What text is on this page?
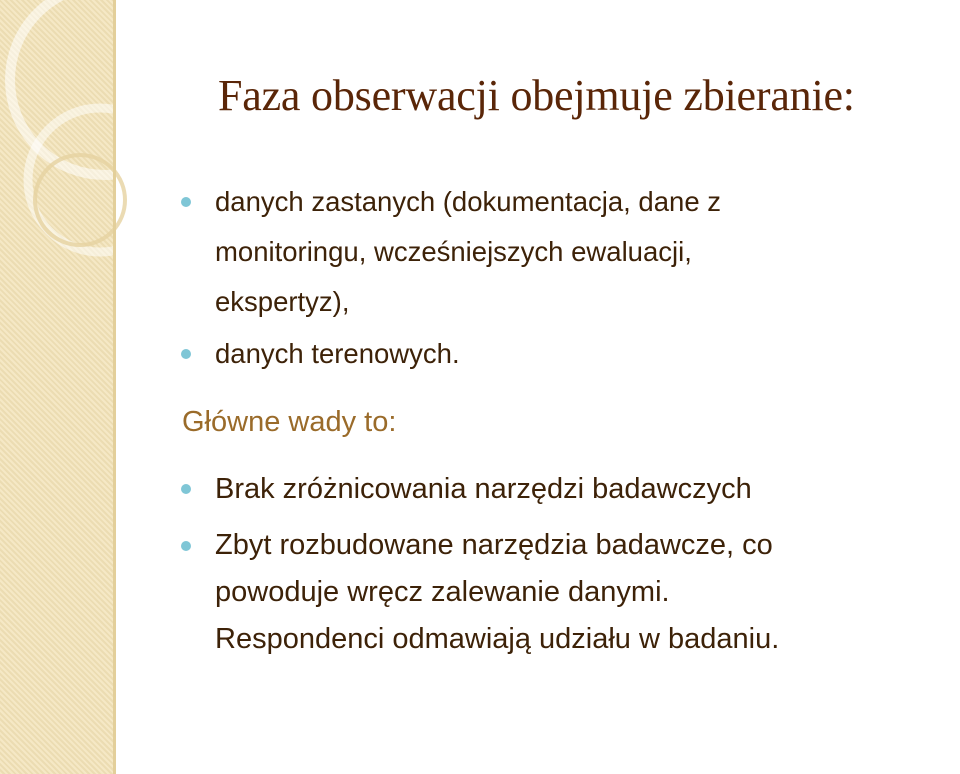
Faza obserwacji obejmuje zbieranie:
danych zastanych (dokumentacja, dane z
monitoringu, wcześniejszych ewaluacji,
ekspertyz),
danych terenowych.

Główne wady to:

Brak zróżnicowania narzędzi badawczych
Zbyt rozbudowane narzędzia badawcze, co
powoduje wręcz zalewanie danymi.
Respondenci odmawiają udziału w badaniu.
